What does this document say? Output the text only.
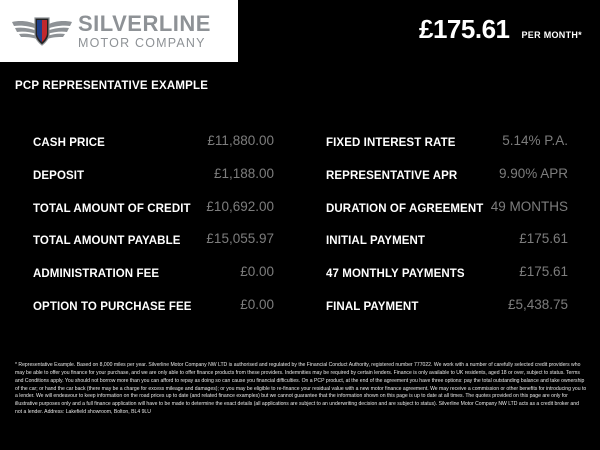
SILVERLINE
MOTOR COMPANY	£175.61 PER MONTH*
PCP REPRESENTATIVE EXAMPLE
CASH PRICE	£11,880.00
DEPOSIT	£1,188.00
TOTAL AMOUNT OF CREDIT £10,692.00
TOTAL AMOUNT PAYABLE £15,055.97
ADMINISTRATION FEE	£0.00
OPTION TO PURCHASE FEE	£0.00
FIXED INTEREST RATE	5.14% P.A.
REPRESENTATIVE APR	9.90% APR
DURATION OF AGREEMENT 49 MONTHS
INITIAL PAYMENT	£175.61
47 MONTHLY PAYMENTS	£175.61
FINAL PAYMENT	£5,438.75
* Representative Example. Based on 8,000 miles per year. Silverline Motor Company NW LTD is authorised and regulated by the Financial Conduct Authority, registered number 777022. We work with a number of carefully selected credit providers who may be able to offer you finance for your purchase, and we are only able to offer finance products from these providers. Indemnities may be required by certain lenders. Finance is only available to UK residents, aged 18 or over, subject to status. Terms and Conditions apply. You should not borrow more than you can afford to repay as doing so can cause you financial difficulties. On a PCP product, at the end of the agreement you have three options: pay the total outstanding balance and take ownership of the car; or hand the car back (there may be a charge for excess mileage and damages); or you may be eligible to re-finance your residual value with a new motor finance agreement. We may receive a commission or other benefits for introducing you to a lender. We will endeavour to keep information on the road prices up to date (and related finance examples) but we cannot guarantee that the information shown on this page is up to date at all times. The quotes provided on this page are only for illustrative purposes only and a full finance application will have to be made to determine the exact details (all applications are subject to an underwriting decision and are subject to status). Silverline Motor Company NW LTD acts as a credit broker and not a lender. Address: Lakefield showroom, Bolton, BL4 9LU
